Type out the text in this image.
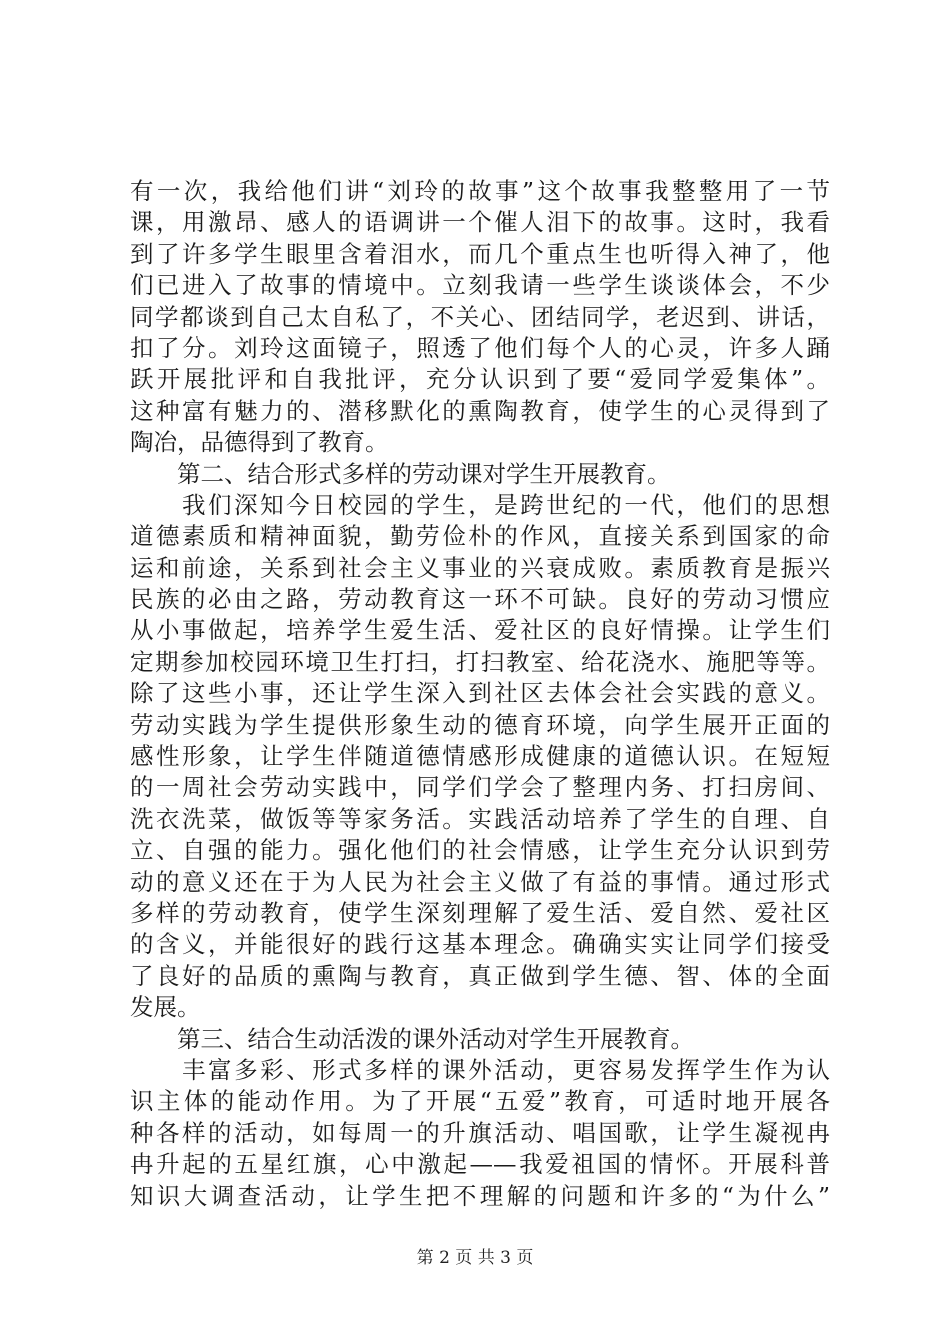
有一次，我给他们讲“刘玲的故事”这个故事我整整用了一节
课，用激昂、感人的语调讲一个催人泪下的故事。这时，我看
到了许多学生眼里含着泪水，而几个重点生也听得入神了，他
们已进入了故事的情境中。立刻我请一些学生谈谈体会，不少
同学都谈到自己太自私了，不关心、团结同学，老迟到、讲话，
扣了分。刘玲这面镜子，照透了他们每个人的心灵，许多人踊
跃开展批评和自我批评，充分认识到了要“爱同学爱集体”。
这种富有魅力的、潜移默化的熏陶教育，使学生的心灵得到了
陶冶，品德得到了教育。
　　第二、结合形式多样的劳动课对学生开展教育。
　　我们深知今日校园的学生，是跨世纪的一代，他们的思想
道德素质和精神面貌，勤劳俭朴的作风，直接关系到国家的命
运和前途，关系到社会主义事业的兴衰成败。素质教育是振兴
民族的必由之路，劳动教育这一环不可缺。良好的劳动习惯应
从小事做起，培养学生爱生活、爱社区的良好情操。让学生们
定期参加校园环境卫生打扫，打扫教室、给花浇水、施肥等等。
除了这些小事，还让学生深入到社区去体会社会实践的意义。
劳动实践为学生提供形象生动的德育环境，向学生展开正面的
感性形象，让学生伴随道德情感形成健康的道德认识。在短短
的一周社会劳动实践中，同学们学会了整理内务、打扫房间、
洗衣洗菜，做饭等等家务活。实践活动培养了学生的自理、自
立、自强的能力。强化他们的社会情感，让学生充分认识到劳
动的意义还在于为人民为社会主义做了有益的事情。通过形式
多样的劳动教育，使学生深刻理解了爱生活、爱自然、爱社区
的含义，并能很好的践行这基本理念。确确实实让同学们接受
了良好的品质的熏陶与教育，真正做到学生德、智、体的全面
发展。
　　第三、结合生动活泼的课外活动对学生开展教育。
　　丰富多彩、形式多样的课外活动，更容易发挥学生作为认
识主体的能动作用。为了开展“五爱”教育，可适时地开展各
种各样的活动，如每周一的升旗活动、唱国歌，让学生凝视冉
冉升起的五星红旗，心中激起——我爱祖国的情怀。开展科普
知识大调查活动，让学生把不理解的问题和许多的“为什么”
第 2 页 共 3 页
